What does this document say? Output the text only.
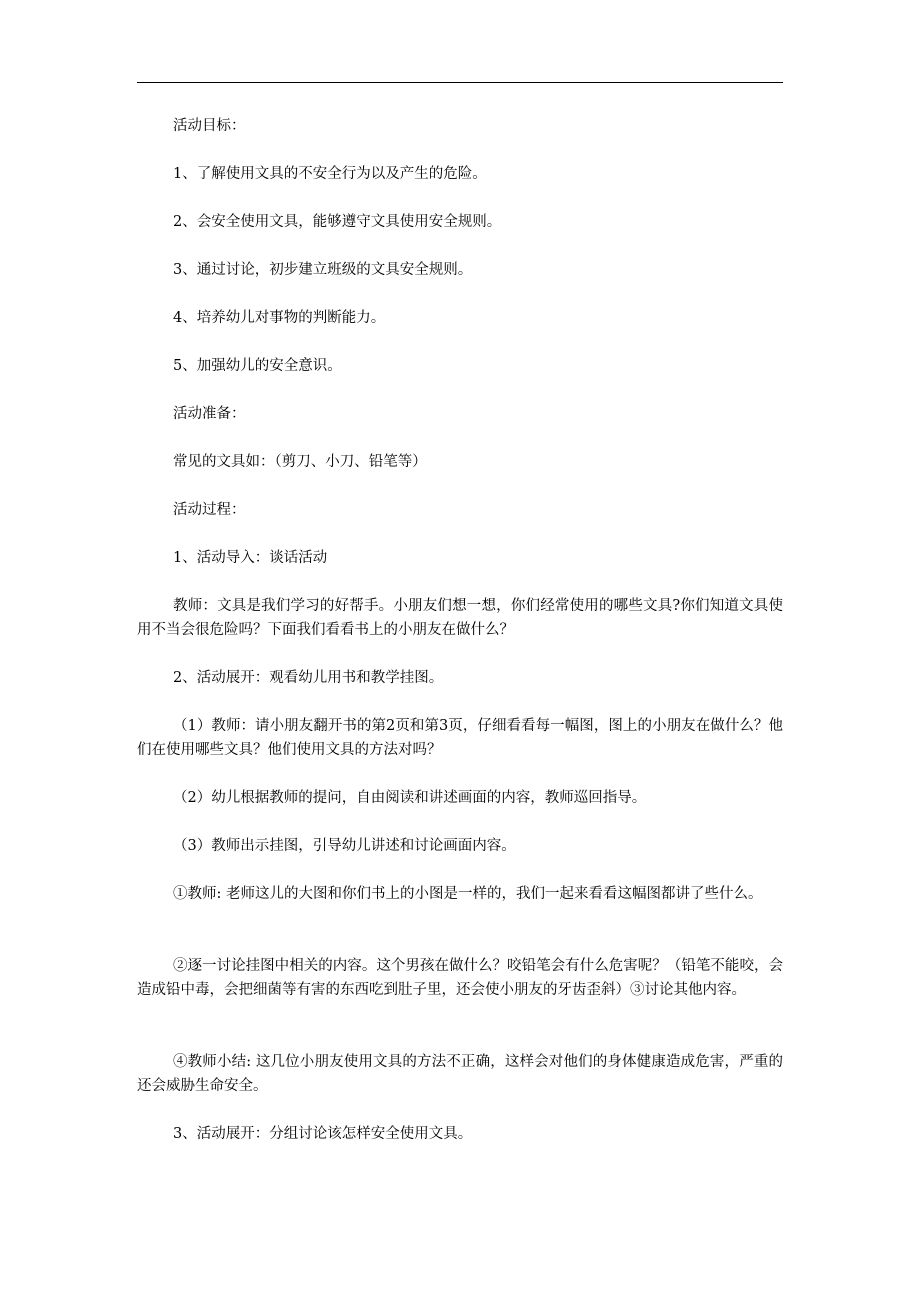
活动目标：

1、了解使用文具的不安全行为以及产生的危险。

2、会安全使用文具，能够遵守文具使用安全规则。

3、通过讨论，初步建立班级的文具安全规则。

4、培养幼儿对事物的判断能力。

5、加强幼儿的安全意识。

活动准备：

常见的文具如：（剪刀、小刀、铅笔等）

活动过程：

1、活动导入：谈话活动

教师：文具是我们学习的好帮手。小朋友们想一想，你们经常使用的哪些文具?你们知道文具使用不当会很危险吗？下面我们看看书上的小朋友在做什么？

2、活动展开：观看幼儿用书和教学挂图。

（1）教师：请小朋友翻开书的第2页和第3页，仔细看看每一幅图，图上的小朋友在做什么？他们在使用哪些文具？他们使用文具的方法对吗？

（2）幼儿根据教师的提问，自由阅读和讲述画面的内容，教师巡回指导。

（3）教师出示挂图，引导幼儿讲述和讨论画面内容。

①教师: 老师这儿的大图和你们书上的小图是一样的，我们一起来看看这幅图都讲了些什么。

②逐一讨论挂图中相关的内容。这个男孩在做什么？咬铅笔会有什么危害呢？（铅笔不能咬，会造成铅中毒，会把细菌等有害的东西吃到肚子里，还会使小朋友的牙齿歪斜）③讨论其他内容。

④教师小结: 这几位小朋友使用文具的方法不正确，这样会对他们的身体健康造成危害，严重的还会威胁生命安全。

3、活动展开：分组讨论该怎样安全使用文具。
